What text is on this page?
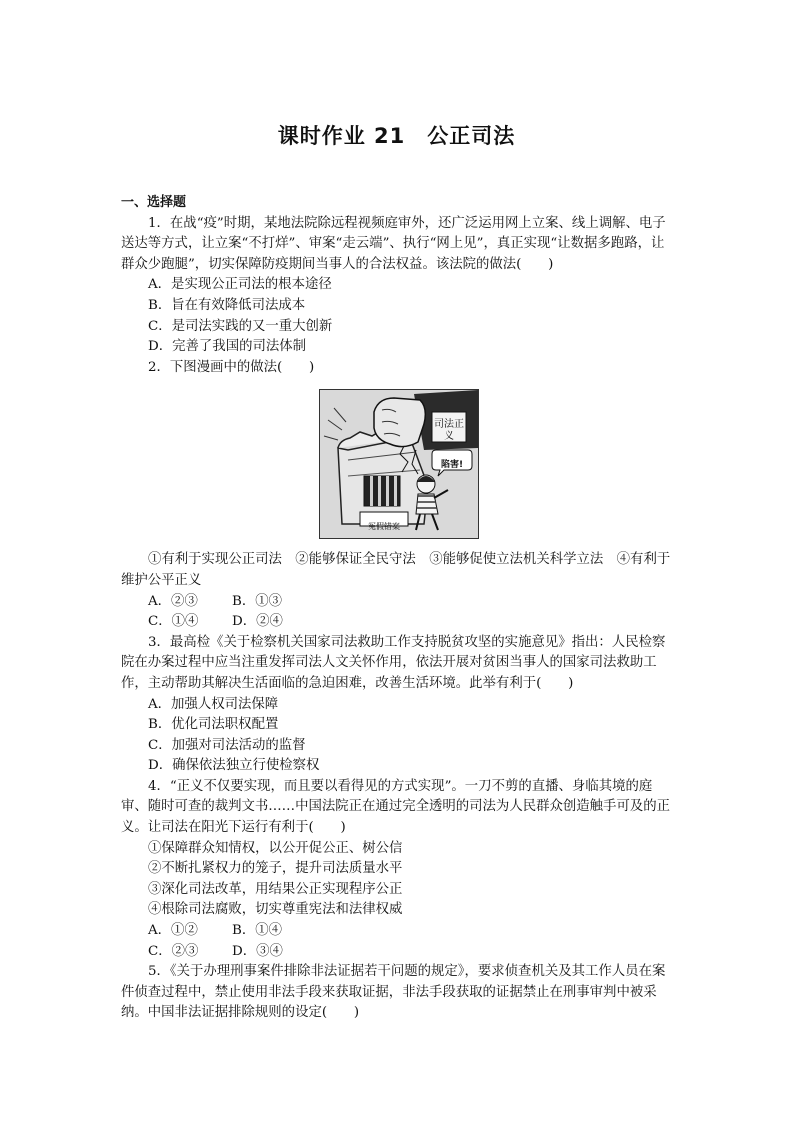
课时作业 21　公正司法

一、选择题

1．在战“疫”时期，某地法院除远程视频庭审外，还广泛运用网上立案、线上调解、电子送达等方式，让立案“不打烊”、审案“走云端”、执行“网上见”，真正实现“让数据多跑路，让群众少跑腿”，切实保障防疫期间当事人的合法权益。该法院的做法(　　)

A．是实现公正司法的根本途径

B．旨在有效降低司法成本

C．是司法实践的又一重大创新

D．完善了我国的司法体制

2．下图漫画中的做法(　　)

司法正义
陷害!
冤假错案

①有利于实现公正司法　②能够保证全民守法　③能够促使立法机关科学立法　④有利于维护公平正义

A．②③	B．①③
C．①④	D．②④

3．最高检《关于检察机关国家司法救助工作支持脱贫攻坚的实施意见》指出：人民检察院在办案过程中应当注重发挥司法人文关怀作用，依法开展对贫困当事人的国家司法救助工作，主动帮助其解决生活面临的急迫困难，改善生活环境。此举有利于(　　)

A．加强人权司法保障

B．优化司法职权配置

C．加强对司法活动的监督

D．确保依法独立行使检察权

4．“正义不仅要实现，而且要以看得见的方式实现”。一刀不剪的直播、身临其境的庭审、随时可查的裁判文书……中国法院正在通过完全透明的司法为人民群众创造触手可及的正义。让司法在阳光下运行有利于(　　)

①保障群众知情权，以公开促公正、树公信

②不断扎紧权力的笼子，提升司法质量水平

③深化司法改革，用结果公正实现程序公正

④根除司法腐败，切实尊重宪法和法律权威

A．①②	B．①④
C．②③	D．③④

5．《关于办理刑事案件排除非法证据若干问题的规定》，要求侦查机关及其工作人员在案件侦查过程中，禁止使用非法手段来获取证据，非法手段获取的证据禁止在刑事审判中被采纳。中国非法证据排除规则的设定(　　)
